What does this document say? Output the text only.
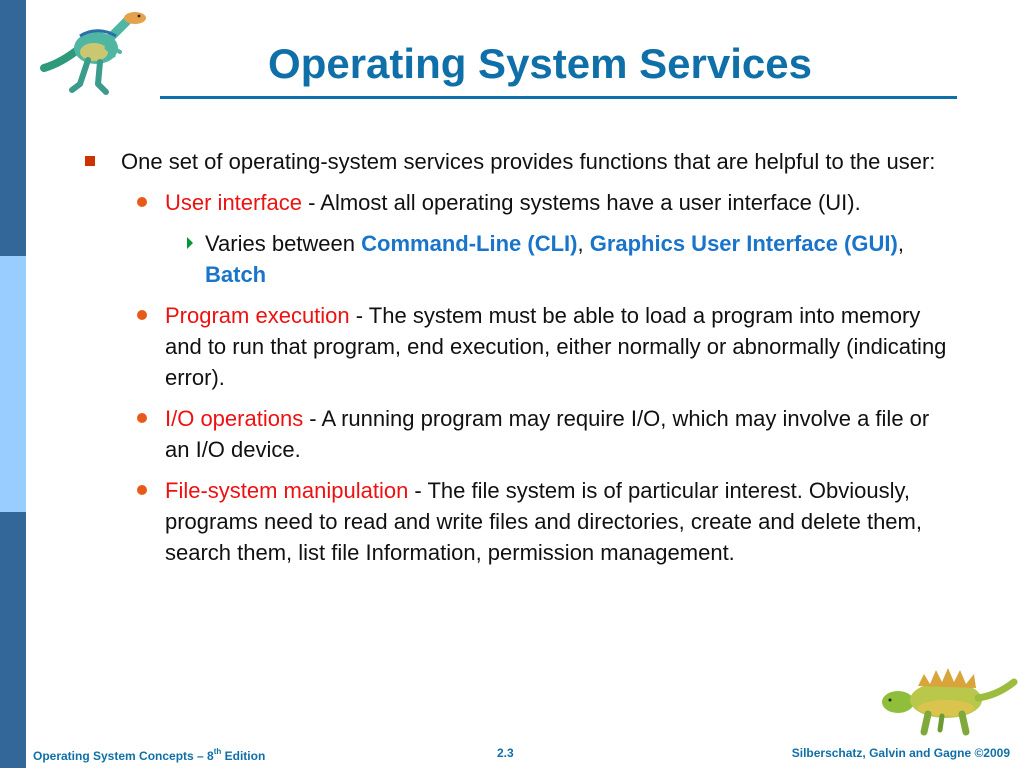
Operating System Services
One set of operating-system services provides functions that are helpful to the user:
User interface - Almost all operating systems have a user interface (UI).
Varies between Command-Line (CLI), Graphics User Interface (GUI), Batch
Program execution - The system must be able to load a program into memory and to run that program, end execution, either normally or abnormally (indicating error).
I/O operations - A running program may require I/O, which may involve a file or an I/O device.
File-system manipulation - The file system is of particular interest. Obviously, programs need to read and write files and directories, create and delete them, search them, list file Information, permission management.
Operating System Concepts – 8th Edition	2.3	Silberschatz, Galvin and Gagne ©2009
